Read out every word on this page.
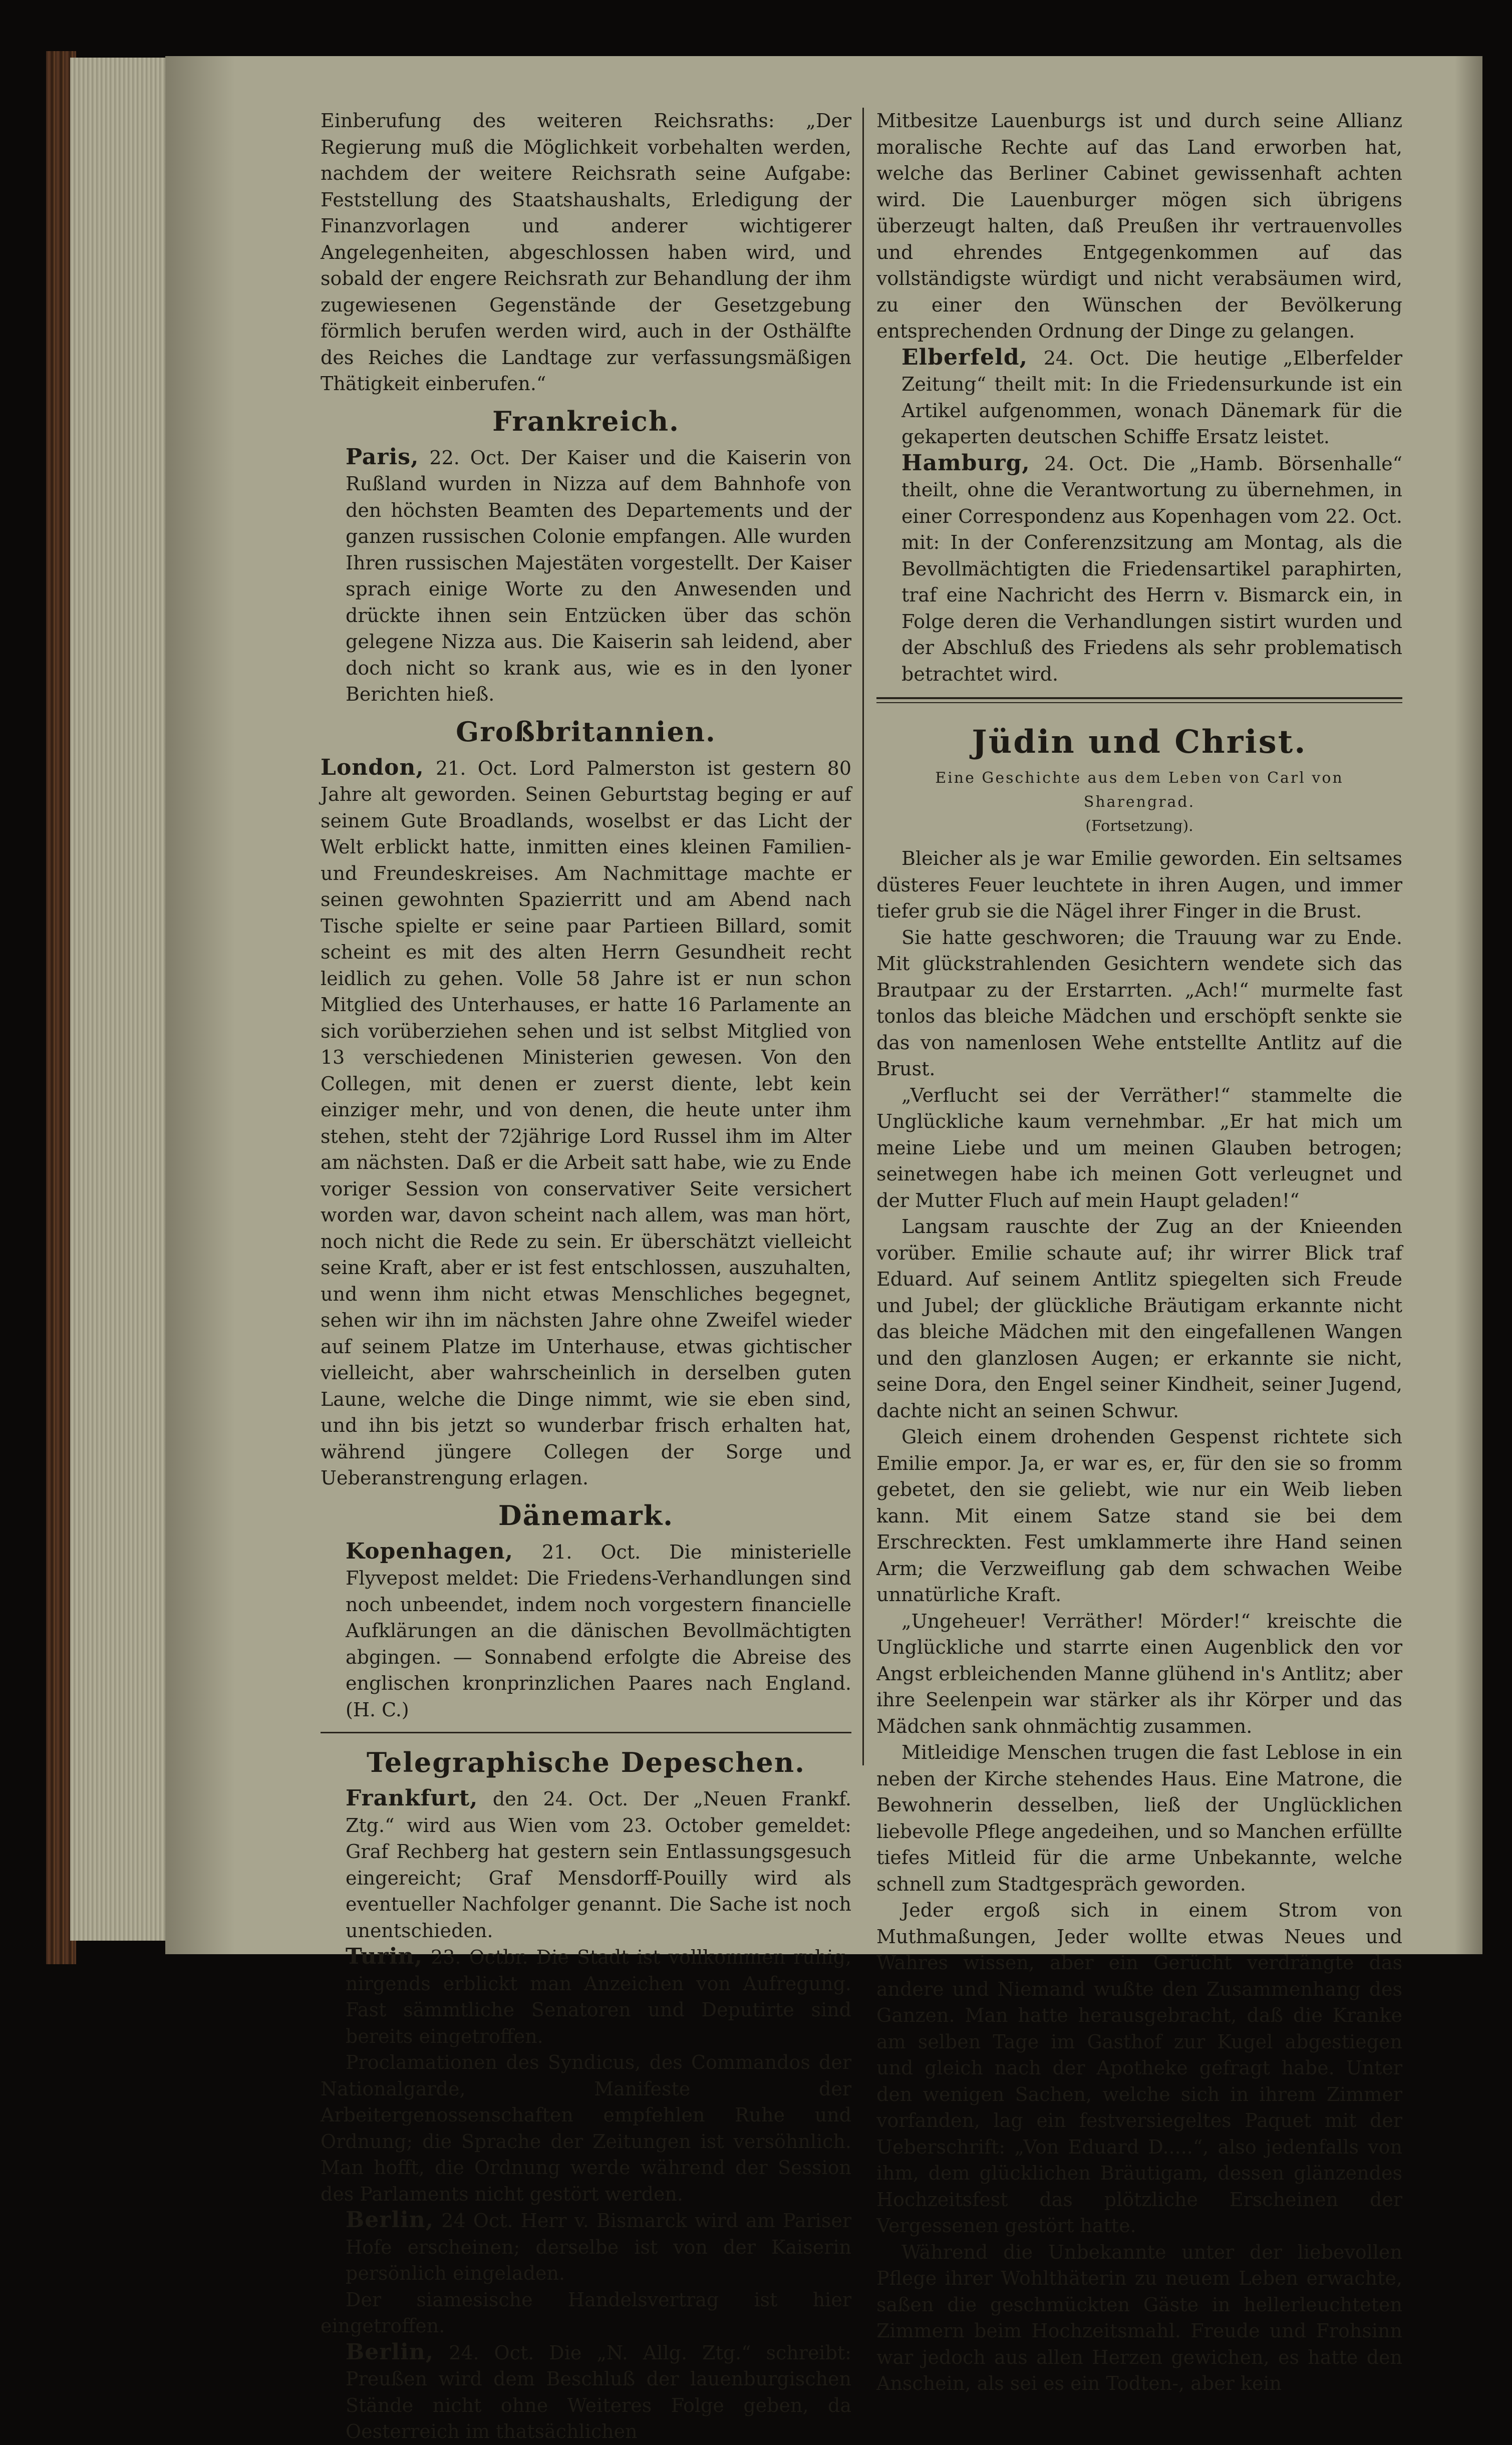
Einberufung des weiteren Reichsraths: „Der Regierung muß die Möglichkeit vorbehalten werden, nachdem der weitere Reichsrath seine Aufgabe: Feststellung des Staatshaushalts, Erledigung der Finanzvorlagen und anderer wichtigerer Angelegenheiten, abgeschlossen haben wird, und sobald der engere Reichsrath zur Behandlung der ihm zugewiesenen Gegenstände der Gesetzgebung förmlich berufen werden wird, auch in der Osthälfte des Reiches die Landtage zur verfassungsmäßigen Thätigkeit einberufen.“

Frankreich.

Paris, 22. Oct. Der Kaiser und die Kaiserin von Rußland wurden in Nizza auf dem Bahnhofe von den höchsten Beamten des Departements und der ganzen russischen Colonie empfangen. Alle wurden Ihren russischen Majestäten vorgestellt. Der Kaiser sprach einige Worte zu den Anwesenden und drückte ihnen sein Entzücken über das schön gelegene Nizza aus. Die Kaiserin sah leidend, aber doch nicht so krank aus, wie es in den lyoner Berichten hieß.

Großbritannien.

London, 21. Oct. Lord Palmerston ist gestern 80 Jahre alt geworden. Seinen Geburtstag beging er auf seinem Gute Broadlands, woselbst er das Licht der Welt erblickt hatte, inmitten eines kleinen Familien- und Freundeskreises. Am Nachmittage machte er seinen gewohnten Spazierritt und am Abend nach Tische spielte er seine paar Partieen Billard, somit scheint es mit des alten Herrn Gesundheit recht leidlich zu gehen. Volle 58 Jahre ist er nun schon Mitglied des Unterhauses, er hatte 16 Parlamente an sich vorüberziehen sehen und ist selbst Mitglied von 13 verschiedenen Ministerien gewesen. Von den Collegen, mit denen er zuerst diente, lebt kein einziger mehr, und von denen, die heute unter ihm stehen, steht der 72jährige Lord Russel ihm im Alter am nächsten. Daß er die Arbeit satt habe, wie zu Ende voriger Session von conservativer Seite versichert worden war, davon scheint nach allem, was man hört, noch nicht die Rede zu sein. Er überschätzt vielleicht seine Kraft, aber er ist fest entschlossen, auszuhalten, und wenn ihm nicht etwas Menschliches begegnet, sehen wir ihn im nächsten Jahre ohne Zweifel wieder auf seinem Platze im Unterhause, etwas gichtischer vielleicht, aber wahrscheinlich in derselben guten Laune, welche die Dinge nimmt, wie sie eben sind, und ihn bis jetzt so wunderbar frisch erhalten hat, während jüngere Collegen der Sorge und Ueberanstrengung erlagen.

Dänemark.

Kopenhagen, 21. Oct. Die ministerielle Flyvepost meldet: Die Friedens-Verhandlungen sind noch unbeendet, indem noch vorgestern financielle Aufklärungen an die dänischen Bevollmächtigten abgingen. — Sonnabend erfolgte die Abreise des englischen kronprinzlichen Paares nach England. (H. C.)

Telegraphische Depeschen.

Frankfurt, den 24. Oct. Der „Neuen Frankf. Ztg.“ wird aus Wien vom 23. October gemeldet: Graf Rechberg hat gestern sein Entlassungsgesuch eingereicht; Graf Mensdorff-Pouilly wird als eventueller Nachfolger genannt. Die Sache ist noch unentschieden.

Turin, 23. Octbr. Die Stadt ist vollkommen ruhig, nirgends erblickt man Anzeichen von Aufregung. Fast sämmtliche Senatoren und Deputirte sind bereits eingetroffen.

Proclamationen des Syndicus, des Commandos der Nationalgarde, Manifeste der Arbeitergenossenschaften empfehlen Ruhe und Ordnung; die Sprache der Zeitungen ist versöhnlich. Man hofft, die Ordnung werde während der Session des Parlaments nicht gestört werden.

Berlin, 24 Oct. Herr v. Bismarck wird am Pariser Hofe erscheinen; derselbe ist von der Kaiserin persönlich eingeladen.

Der siamesische Handelsvertrag ist hier eingetroffen.

Berlin, 24. Oct. Die „N. Allg. Ztg.“ schreibt: Preußen wird dem Beschluß der lauenburgischen Stände nicht ohne Weiteres Folge geben, da Oesterreich im thatsächlichen

Mitbesitze Lauenburgs ist und durch seine Allianz moralische Rechte auf das Land erworben hat, welche das Berliner Cabinet gewissenhaft achten wird. Die Lauenburger mögen sich übrigens überzeugt halten, daß Preußen ihr vertrauenvolles und ehrendes Entgegenkommen auf das vollständigste würdigt und nicht verabsäumen wird, zu einer den Wünschen der Bevölkerung entsprechenden Ordnung der Dinge zu gelangen.

Elberfeld, 24. Oct. Die heutige „Elberfelder Zeitung“ theilt mit: In die Friedensurkunde ist ein Artikel aufgenommen, wonach Dänemark für die gekaperten deutschen Schiffe Ersatz leistet.

Hamburg, 24. Oct. Die „Hamb. Börsenhalle“ theilt, ohne die Verantwortung zu übernehmen, in einer Correspondenz aus Kopenhagen vom 22. Oct. mit: In der Conferenzsitzung am Montag, als die Bevollmächtigten die Friedensartikel paraphirten, traf eine Nachricht des Herrn v. Bismarck ein, in Folge deren die Verhandlungen sistirt wurden und der Abschluß des Friedens als sehr problematisch betrachtet wird.

Jüdin und Christ.
Eine Geschichte aus dem Leben von Carl von Sharengrad.
(Fortsetzung).

Bleicher als je war Emilie geworden. Ein seltsames düsteres Feuer leuchtete in ihren Augen, und immer tiefer grub sie die Nägel ihrer Finger in die Brust.

Sie hatte geschworen; die Trauung war zu Ende. Mit glückstrahlenden Gesichtern wendete sich das Brautpaar zu der Erstarrten. „Ach!“ murmelte fast tonlos das bleiche Mädchen und erschöpft senkte sie das von namenlosen Wehe entstellte Antlitz auf die Brust.

„Verflucht sei der Verräther!“ stammelte die Unglückliche kaum vernehmbar. „Er hat mich um meine Liebe und um meinen Glauben betrogen; seinetwegen habe ich meinen Gott verleugnet und der Mutter Fluch auf mein Haupt geladen!“

Langsam rauschte der Zug an der Knieenden vorüber. Emilie schaute auf; ihr wirrer Blick traf Eduard. Auf seinem Antlitz spiegelten sich Freude und Jubel; der glückliche Bräutigam erkannte nicht das bleiche Mädchen mit den eingefallenen Wangen und den glanzlosen Augen; er erkannte sie nicht, seine Dora, den Engel seiner Kindheit, seiner Jugend, dachte nicht an seinen Schwur.

Gleich einem drohenden Gespenst richtete sich Emilie empor. Ja, er war es, er, für den sie so fromm gebetet, den sie geliebt, wie nur ein Weib lieben kann. Mit einem Satze stand sie bei dem Erschreckten. Fest umklammerte ihre Hand seinen Arm; die Verzweiflung gab dem schwachen Weibe unnatürliche Kraft.

„Ungeheuer! Verräther! Mörder!“ kreischte die Unglückliche und starrte einen Augenblick den vor Angst erbleichenden Manne glühend in's Antlitz; aber ihre Seelenpein war stärker als ihr Körper und das Mädchen sank ohnmächtig zusammen.

Mitleidige Menschen trugen die fast Leblose in ein neben der Kirche stehendes Haus. Eine Matrone, die Bewohnerin desselben, ließ der Unglücklichen liebevolle Pflege angedeihen, und so Manchen erfüllte tiefes Mitleid für die arme Unbekannte, welche schnell zum Stadtgespräch geworden.

Jeder ergoß sich in einem Strom von Muthmaßungen, Jeder wollte etwas Neues und Wahres wissen, aber ein Gerücht verdrängte das andere und Niemand wußte den Zusammenhang des Ganzen. Man hatte herausgebracht, daß die Kranke am selben Tage im Gasthof zur Kugel abgestiegen und gleich nach der Apotheke gefragt habe. Unter den wenigen Sachen, welche sich in ihrem Zimmer vorfanden, lag ein festversiegeltes Paquet mit der Ueberschrift: „Von Eduard D.....“, also jedenfalls von ihm, dem glücklichen Bräutigam, dessen glänzendes Hochzeitsfest das plötzliche Erscheinen der Vergessenen gestört hatte.

Während die Unbekannte unter der liebevollen Pflege ihrer Wohlthäterin zu neuem Leben erwachte, saßen die geschmückten Gäste in hellerleuchteten Zimmern beim Hochzeitsmahl. Freude und Frohsinn war jedoch aus allen Herzen gewichen, es hatte den Anschein, als sei es ein Todten-, aber kein
